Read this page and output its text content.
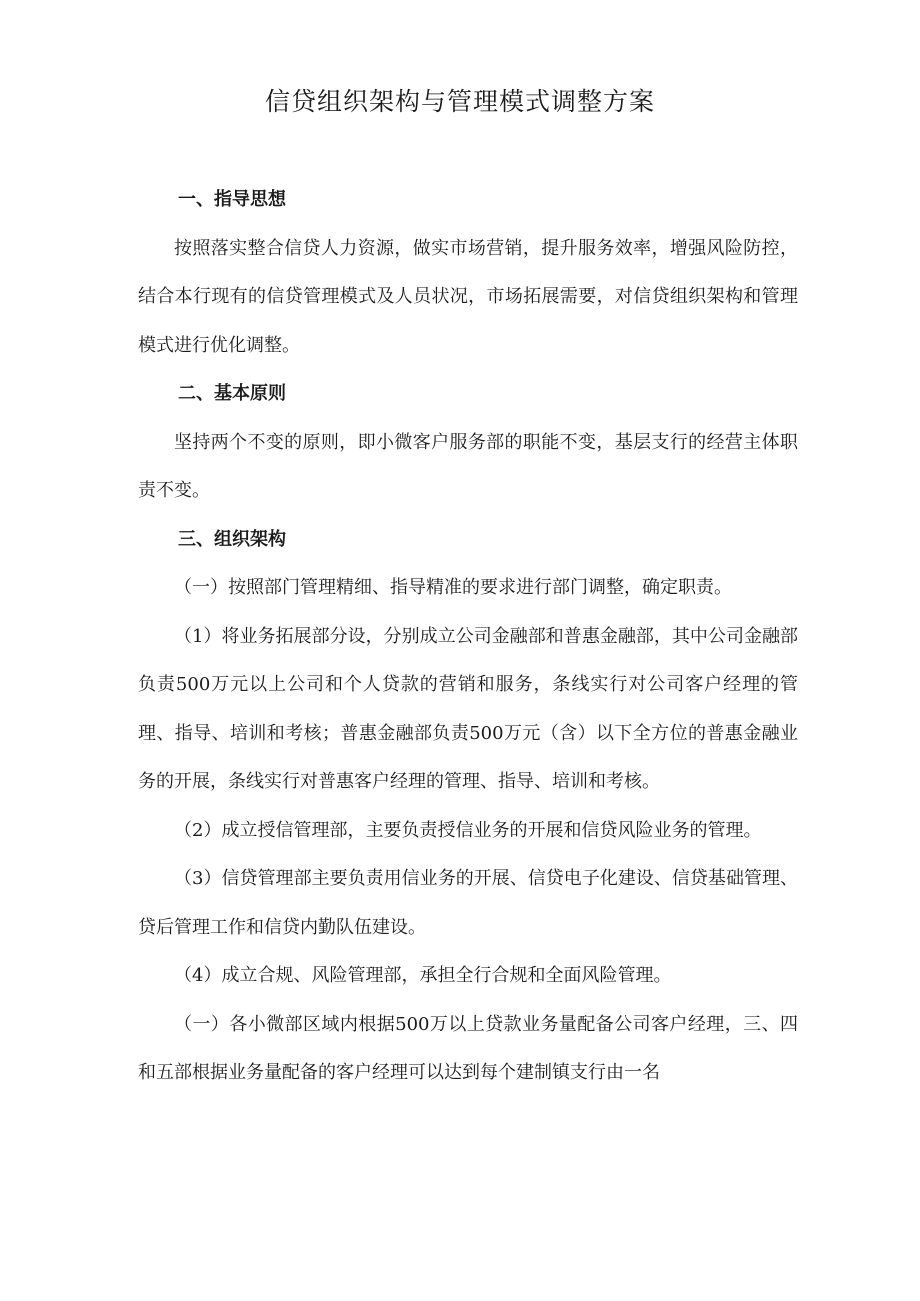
信贷组织架构与管理模式调整方案

一、指导思想

按照落实整合信贷人力资源，做实市场营销，提升服务效率，增强风险防控，结合本行现有的信贷管理模式及人员状况，市场拓展需要，对信贷组织架构和管理模式进行优化调整。

二、基本原则

坚持两个不变的原则，即小微客户服务部的职能不变，基层支行的经营主体职责不变。

三、组织架构

（一）按照部门管理精细、指导精准的要求进行部门调整，确定职责。

（1）将业务拓展部分设，分别成立公司金融部和普惠金融部，其中公司金融部负责500万元以上公司和个人贷款的营销和服务，条线实行对公司客户经理的管理、指导、培训和考核；普惠金融部负责500万元（含）以下全方位的普惠金融业务的开展，条线实行对普惠客户经理的管理、指导、培训和考核。

（2）成立授信管理部，主要负责授信业务的开展和信贷风险业务的管理。

（3）信贷管理部主要负责用信业务的开展、信贷电子化建设、信贷基础管理、贷后管理工作和信贷内勤队伍建设。

（4）成立合规、风险管理部，承担全行合规和全面风险管理。

（一）各小微部区域内根据500万以上贷款业务量配备公司客户经理，三、四和五部根据业务量配备的客户经理可以达到每个建制镇支行由一名
